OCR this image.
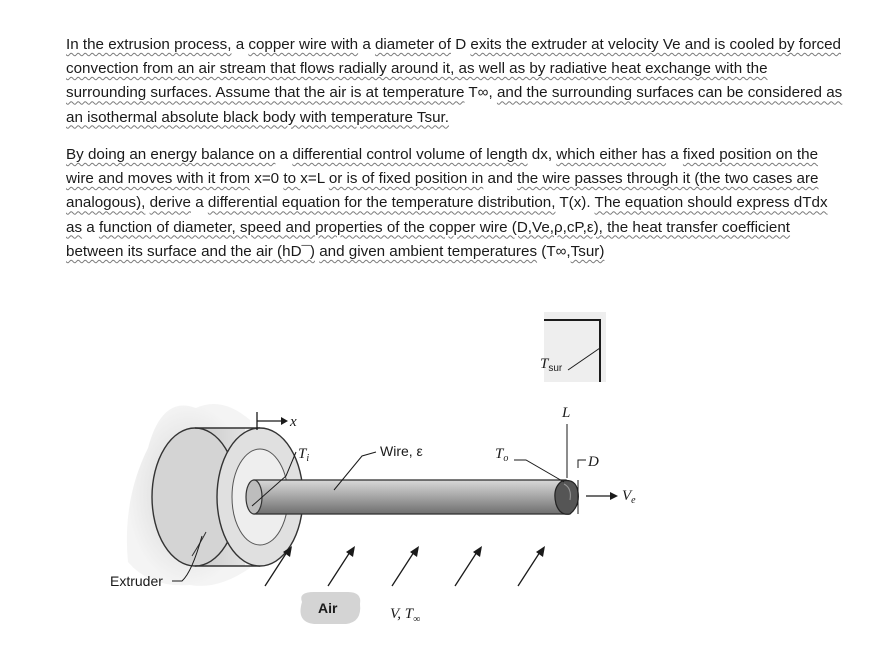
In the extrusion process, a copper wire with a diameter of D exits the extruder at velocity Ve and is cooled by forced convection from an air stream that flows radially around it, as well as by radiative heat exchange with the surrounding surfaces. Assume that the air is at temperature T∞, and the surrounding surfaces can be considered as an isothermal absolute black body with temperature Tsur.

By doing an energy balance on a differential control volume of length dx, which either has a fixed position on the wire and moves with it from x=0 to x=L or is of fixed position in and the wire passes through it (the two cases are analogous), derive a differential equation for the temperature distribution, T(x). The equation should express dTdx as a function of diameter, speed and properties of the copper wire (D,Ve,ρ,cP,ε), the heat transfer coefficient between its surface and the air (hD¯) and given ambient temperatures (T∞,Tsur)

$T_{sur}$
x
$T_i$	Wire, ε	$T_o$
L
D
$V_e$
Extruder
Air	V, $T_\infty$
